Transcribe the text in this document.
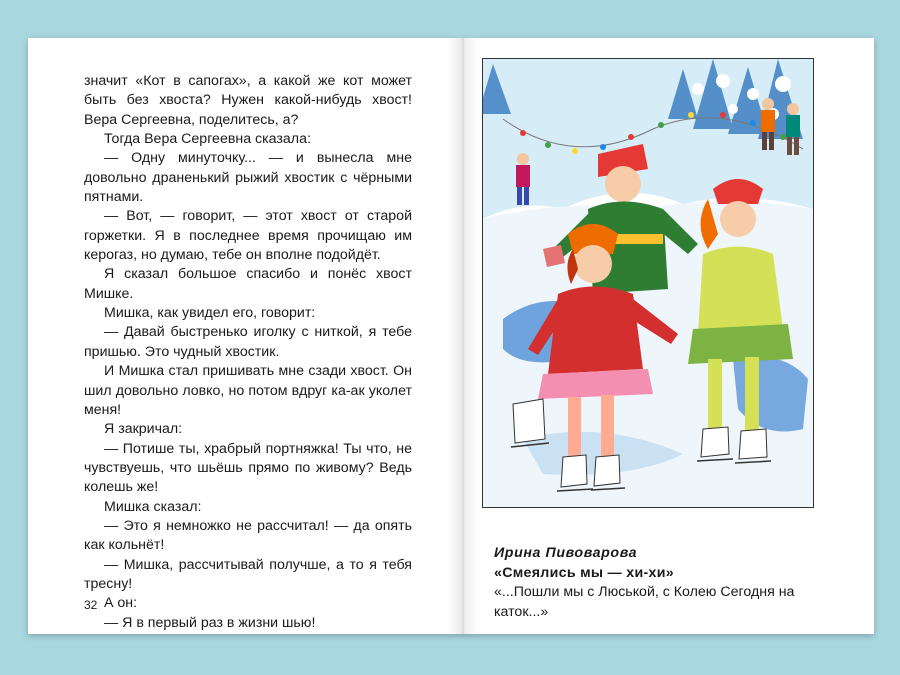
значит «Кот в сапогах», а какой же кот может быть без хвоста? Нужен какой-нибудь хвост! Вера Сергеевна, поделитесь, а?

Тогда Вера Сергеевна сказала:

— Одну минуточку... — и вынесла мне довольно драненький рыжий хвостик с чёрными пятнами.

— Вот, — говорит, — этот хвост от старой горжетки. Я в последнее время прочищаю им керогаз, но думаю, тебе он вполне подойдёт.

Я сказал большое спасибо и понёс хвост Мишке.

Мишка, как увидел его, говорит:

— Давай быстренько иголку с ниткой, я тебе пришью. Это чудный хвостик.

И Мишка стал пришивать мне сзади хвост. Он шил довольно ловко, но потом вдруг ка-ак уколет меня!

Я закричал:

— Потише ты, храбрый портняжка! Ты что, не чувствуешь, что шьёшь прямо по живому? Ведь колешь же!

Мишка сказал:

— Это я немножко не рассчитал! — да опять как кольнёт!

— Мишка, рассчитывай получше, а то я тебя тресну!

А он:

— Я в первый раз в жизни шью!

32
Ирина Пивоварова
«Смеялись мы — хи-хи»
«...Пошли мы с Люськой, с Колею Сегодня на каток...»
